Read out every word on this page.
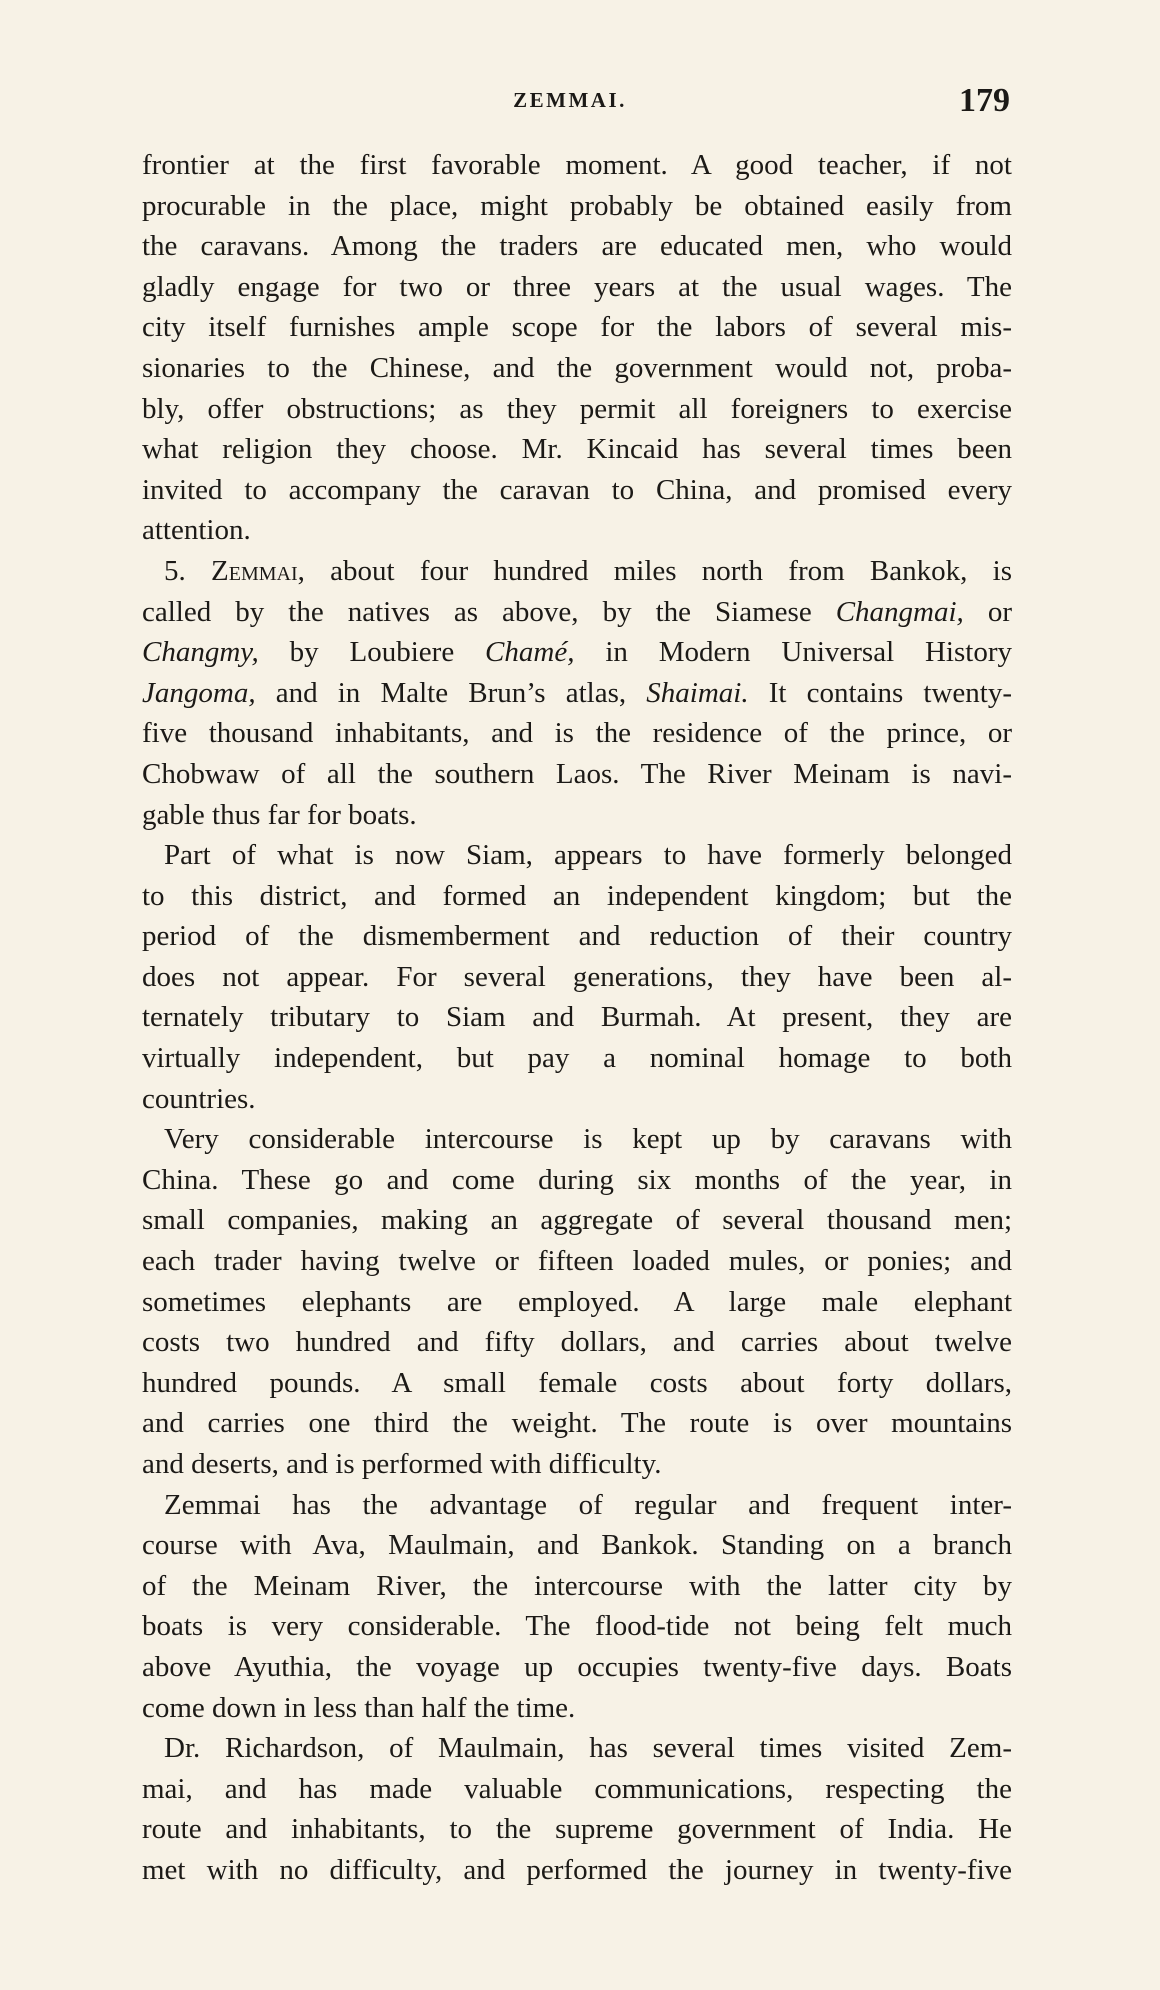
ZEMMAI.	179
frontier at the first favorable moment. A good teacher, if not
procurable in the place, might probably be obtained easily from
the caravans. Among the traders are educated men, who would
gladly engage for two or three years at the usual wages. The
city itself furnishes ample scope for the labors of several mis-
sionaries to the Chinese, and the government would not, proba-
bly, offer obstructions; as they permit all foreigners to exercise
what religion they choose. Mr. Kincaid has several times been
invited to accompany the caravan to China, and promised every
attention.
5. Zemmai, about four hundred miles north from Bankok, is
called by the natives as above, by the Siamese Changmai, or
Changmy, by Loubiere Chamé, in Modern Universal History
Jangoma, and in Malte Brun’s atlas, Shaimai. It contains twenty-
five thousand inhabitants, and is the residence of the prince, or
Chobwaw of all the southern Laos. The River Meinam is navi-
gable thus far for boats.
Part of what is now Siam, appears to have formerly belonged
to this district, and formed an independent kingdom; but the
period of the dismemberment and reduction of their country
does not appear. For several generations, they have been al-
ternately tributary to Siam and Burmah. At present, they are
virtually independent, but pay a nominal homage to both
countries.
Very considerable intercourse is kept up by caravans with
China. These go and come during six months of the year, in
small companies, making an aggregate of several thousand men;
each trader having twelve or fifteen loaded mules, or ponies; and
sometimes elephants are employed. A large male elephant
costs two hundred and fifty dollars, and carries about twelve
hundred pounds. A small female costs about forty dollars,
and carries one third the weight. The route is over mountains
and deserts, and is performed with difficulty.
Zemmai has the advantage of regular and frequent inter-
course with Ava, Maulmain, and Bankok. Standing on a branch
of the Meinam River, the intercourse with the latter city by
boats is very considerable. The flood-tide not being felt much
above Ayuthia, the voyage up occupies twenty-five days. Boats
come down in less than half the time.
Dr. Richardson, of Maulmain, has several times visited Zem-
mai, and has made valuable communications, respecting the
route and inhabitants, to the supreme government of India. He
met with no difficulty, and performed the journey in twenty-five
